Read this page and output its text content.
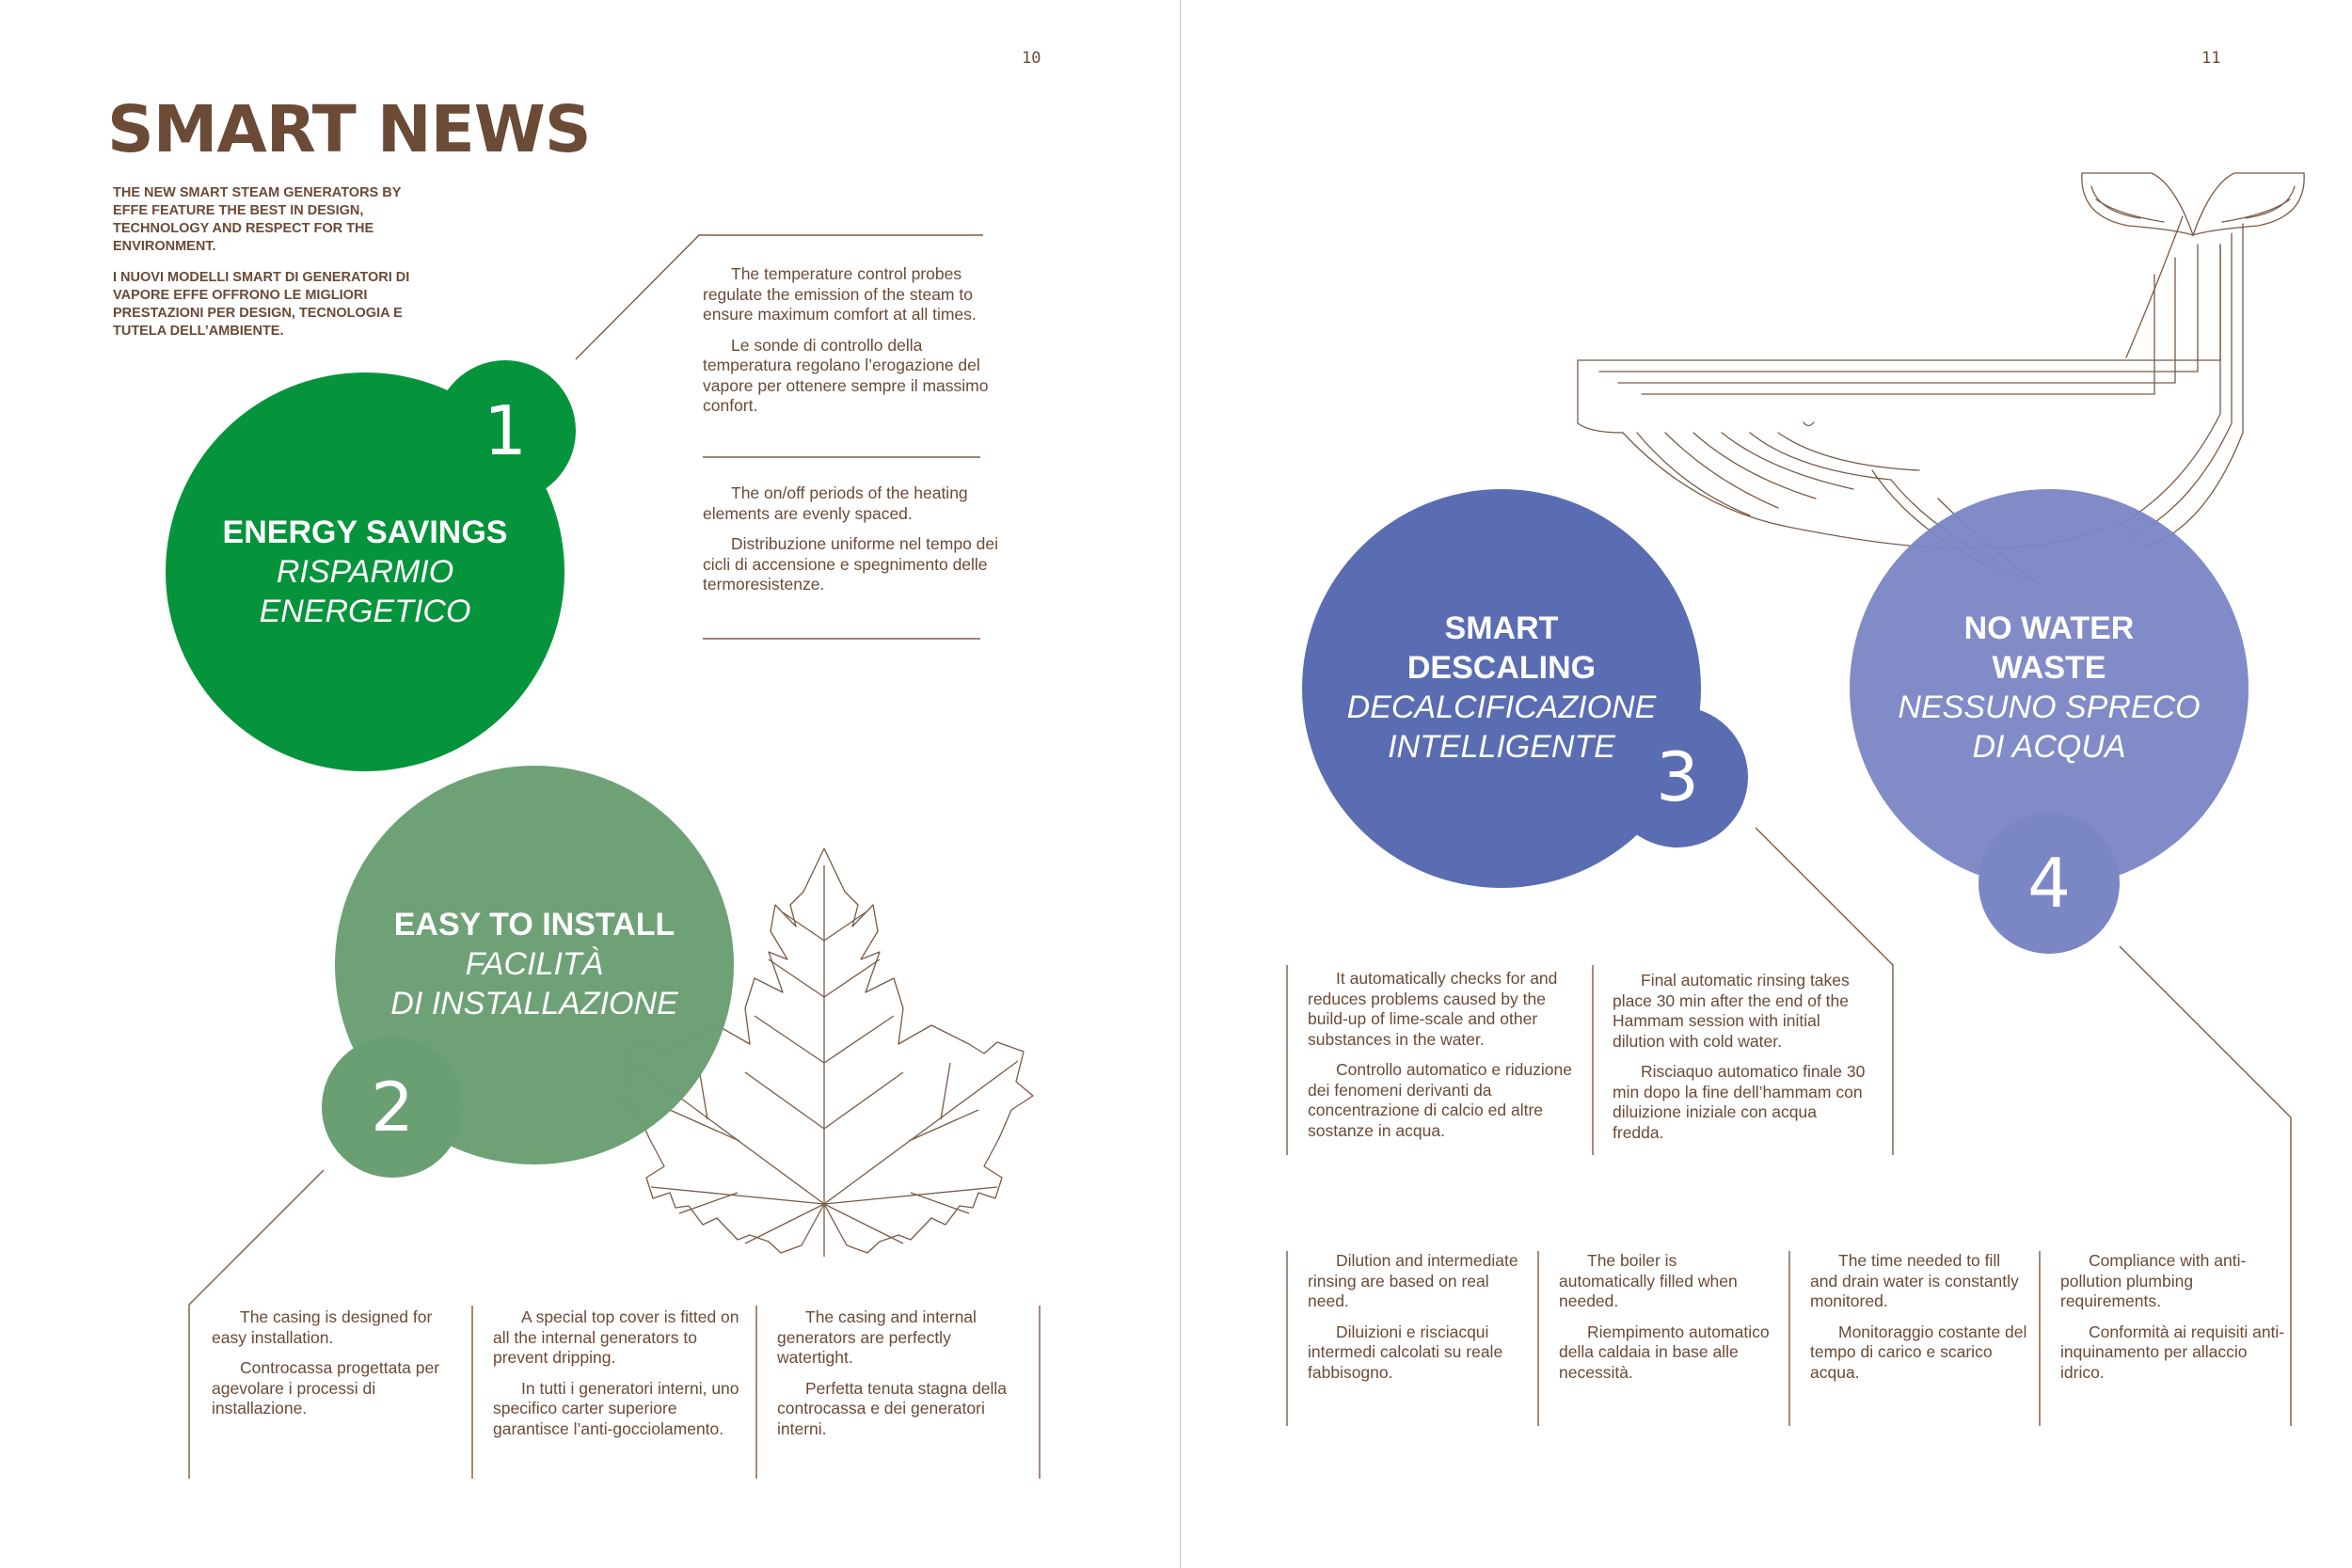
10
SMART NEWS

THE NEW SMART STEAM GENERATORS BY EFFE FEATURE THE BEST IN DESIGN, TECHNOLOGY AND RESPECT FOR THE ENVIRONMENT.

I NUOVI MODELLI SMART DI GENERATORI DI VAPORE EFFE OFFRONO LE MIGLIORI PRESTAZIONI PER DESIGN, TECNOLOGIA E TUTELA DELL’AMBIENTE.

1
ENERGY SAVINGS
RISPARMIO
ENERGETICO

The temperature control probes regulate the emission of the steam to ensure maximum comfort at all times.

Le sonde di controllo della temperatura regolano l’erogazione del vapore per ottenere sempre il massimo confort.

The on/off periods of the heating elements are evenly spaced.

Distribuzione uniforme nel tempo dei cicli di accensione e spegnimento delle termoresistenze.

2
EASY TO INSTALL
FACILITÀ
DI INSTALLAZIONE

The casing is designed for easy installation.

Controcassa progettata per agevolare i processi di installazione.

A special top cover is fitted on all the internal generators to prevent dripping.

In tutti i generatori interni, uno specifico carter superiore garantisce l’anti-gocciolamento.

The casing and internal generators are perfectly watertight.

Perfetta tenuta stagna della controcassa e dei generatori interni.

11
3
SMART
DESCALING
DECALCIFICAZIONE
INTELLIGENTE

It automatically checks for and reduces problems caused by the build-up of lime-scale and other substances in the water.

Controllo automatico e riduzione dei fenomeni derivanti da concentrazione di calcio ed altre sostanze in acqua.

Final automatic rinsing takes place 30 min after the end of the Hammam session with initial dilution with cold water.

Risciaquo automatico finale 30 min dopo la fine dell’hammam con diluizione iniziale con acqua fredda.

4
NO WATER
WASTE
NESSUNO SPRECO
DI ACQUA

Dilution and intermediate rinsing are based on real need.

Diluizioni e risciacqui intermedi calcolati su reale fabbisogno.

The boiler is automatically filled when needed.

Riempimento automatico della caldaia in base alle necessità.

The time needed to fill and drain water is constantly monitored.

Monitoraggio costante del tempo di carico e scarico acqua.

Compliance with anti-pollution plumbing requirements.

Conformità ai requisiti anti-inquinamento per allaccio idrico.
